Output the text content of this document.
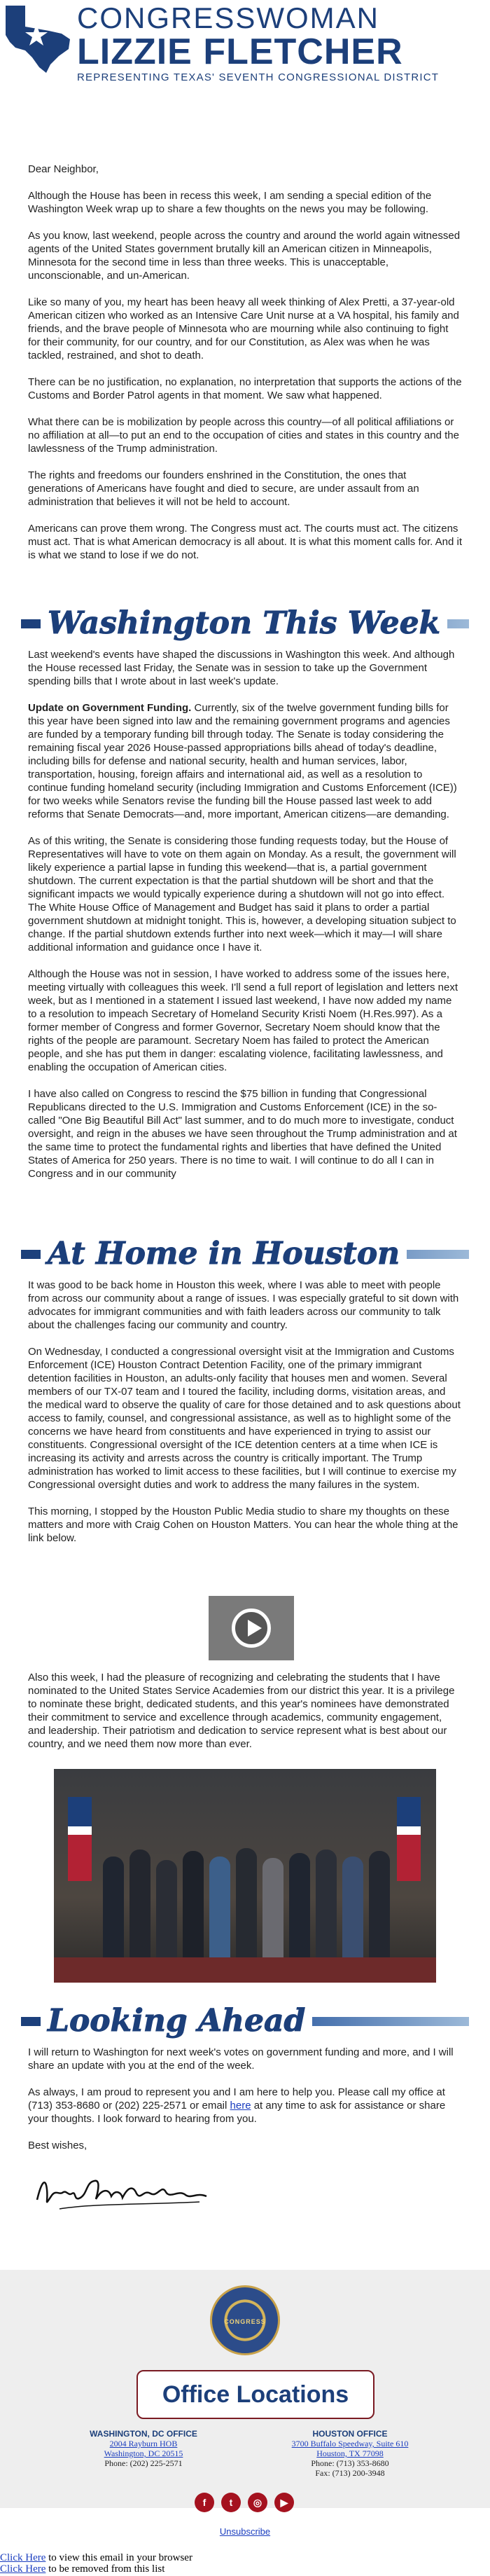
CONGRESSWOMAN
LIZZIE FLETCHER
REPRESENTING TEXAS' SEVENTH CONGRESSIONAL DISTRICT

Dear Neighbor,

Although the House has been in recess this week, I am sending a special edition of the Washington Week wrap up to share a few thoughts on the news you may be following.

As you know, last weekend, people across the country and around the world again witnessed agents of the United States government brutally kill an American citizen in Minneapolis, Minnesota for the second time in less than three weeks. This is unacceptable, unconscionable, and un-American.

Like so many of you, my heart has been heavy all week thinking of Alex Pretti, a 37-year-old American citizen who worked as an Intensive Care Unit nurse at a VA hospital, his family and friends, and the brave people of Minnesota who are mourning while also continuing to fight for their community, for our country, and for our Constitution, as Alex was when he was tackled, restrained, and shot to death.

There can be no justification, no explanation, no interpretation that supports the actions of the Customs and Border Patrol agents in that moment. We saw what happened.

What there can be is mobilization by people across this country—of all political affiliations or no affiliation at all—to put an end to the occupation of cities and states in this country and the lawlessness of the Trump administration.

The rights and freedoms our founders enshrined in the Constitution, the ones that generations of Americans have fought and died to secure, are under assault from an administration that believes it will not be held to account.

Americans can prove them wrong. The Congress must act. The courts must act. The citizens must act. That is what American democracy is all about. It is what this moment calls for. And it is what we stand to lose if we do not.

Washington This Week

Last weekend's events have shaped the discussions in Washington this week. And although the House recessed last Friday, the Senate was in session to take up the Government spending bills that I wrote about in last week's update.

Update on Government Funding. Currently, six of the twelve government funding bills for this year have been signed into law and the remaining government programs and agencies are funded by a temporary funding bill through today. The Senate is today considering the remaining fiscal year 2026 House-passed appropriations bills ahead of today's deadline, including bills for defense and national security, health and human services, labor, transportation, housing, foreign affairs and international aid, as well as a resolution to continue funding homeland security (including Immigration and Customs Enforcement (ICE)) for two weeks while Senators revise the funding bill the House passed last week to add reforms that Senate Democrats—and, more important, American citizens—are demanding.

As of this writing, the Senate is considering those funding requests today, but the House of Representatives will have to vote on them again on Monday. As a result, the government will likely experience a partial lapse in funding this weekend—that is, a partial government shutdown. The current expectation is that the partial shutdown will be short and that the significant impacts we would typically experience during a shutdown will not go into effect. The White House Office of Management and Budget has said it plans to order a partial government shutdown at midnight tonight. This is, however, a developing situation subject to change. If the partial shutdown extends further into next week—which it may—I will share additional information and guidance once I have it.

Although the House was not in session, I have worked to address some of the issues here, meeting virtually with colleagues this week. I'll send a full report of legislation and letters next week, but as I mentioned in a statement I issued last weekend, I have now added my name to a resolution to impeach Secretary of Homeland Security Kristi Noem (H.Res.997). As a former member of Congress and former Governor, Secretary Noem should know that the rights of the people are paramount. Secretary Noem has failed to protect the American people, and she has put them in danger: escalating violence, facilitating lawlessness, and enabling the occupation of American cities.

I have also called on Congress to rescind the $75 billion in funding that Congressional Republicans directed to the U.S. Immigration and Customs Enforcement (ICE) in the so-called "One Big Beautiful Bill Act" last summer, and to do much more to investigate, conduct oversight, and reign in the abuses we have seen throughout the Trump administration and at the same time to protect the fundamental rights and liberties that have defined the United States of America for 250 years. There is no time to wait. I will continue to do all I can in Congress and in our community

At Home in Houston

It was good to be back home in Houston this week, where I was able to meet with people from across our community about a range of issues. I was especially grateful to sit down with advocates for immigrant communities and with faith leaders across our community to talk about the challenges facing our community and country.

On Wednesday, I conducted a congressional oversight visit at the Immigration and Customs Enforcement (ICE) Houston Contract Detention Facility, one of the primary immigrant detention facilities in Houston, an adults-only facility that houses men and women. Several members of our TX-07 team and I toured the facility, including dorms, visitation areas, and the medical ward to observe the quality of care for those detained and to ask questions about access to family, counsel, and congressional assistance, as well as to highlight some of the concerns we have heard from constituents and have experienced in trying to assist our constituents. Congressional oversight of the ICE detention centers at a time when ICE is increasing its activity and arrests across the country is critically important. The Trump administration has worked to limit access to these facilities, but I will continue to exercise my Congressional oversight duties and work to address the many failures in the system.

This morning, I stopped by the Houston Public Media studio to share my thoughts on these matters and more with Craig Cohen on Houston Matters. You can hear the whole thing at the link below.

Also this week, I had the pleasure of recognizing and celebrating the students that I have nominated to the United States Service Academies from our district this year. It is a privilege to nominate these bright, dedicated students, and this year's nominees have demonstrated their commitment to service and excellence through academics, community engagement, and leadership. Their patriotism and dedication to service represent what is best about our country, and we need them now more than ever.

Looking Ahead

I will return to Washington for next week's votes on government funding and more, and I will share an update with you at the end of the week.

As always, I am proud to represent you and I am here to help you. Please call my office at (713) 353-8680 or (202) 225-2571 or email here at any time to ask for assistance or share your thoughts. I look forward to hearing from you.

Best wishes,

CONGRESS
Office Locations
WASHINGTON, DC OFFICE
2004 Rayburn HOB
Washington, DC 20515
Phone: (202) 225-2571
HOUSTON OFFICE
3700 Buffalo Speedway, Suite 610
Houston, TX 77098
Phone: (713) 353-8680
Fax: (713) 200-3948
f	t	◎	▶
Unsubscribe
Click Here to view this email in your browser
Click Here to be removed from this list
